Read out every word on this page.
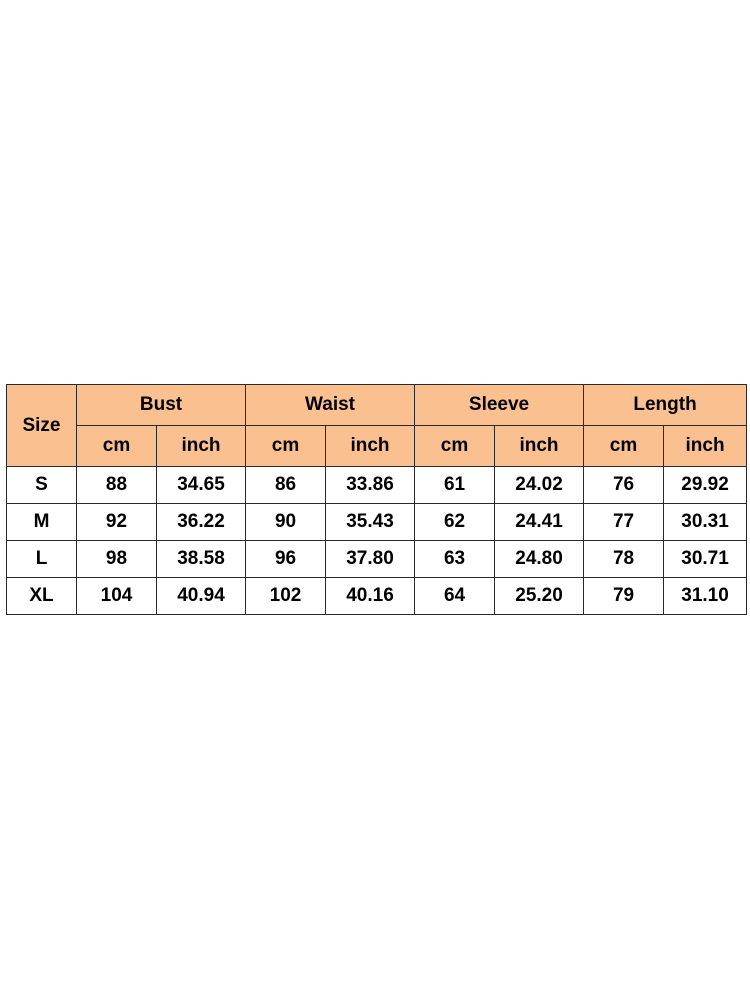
Size	Bust		Waist		Sleeve		Length	
	cm	inch	cm	inch	cm	inch	cm	inch
S	88	34.65	86	33.86	61	24.02	76	29.92
M	92	36.22	90	35.43	62	24.41	77	30.31
L	98	38.58	96	37.80	63	24.80	78	30.71
XL	104	40.94	102	40.16	64	25.20	79	31.10
